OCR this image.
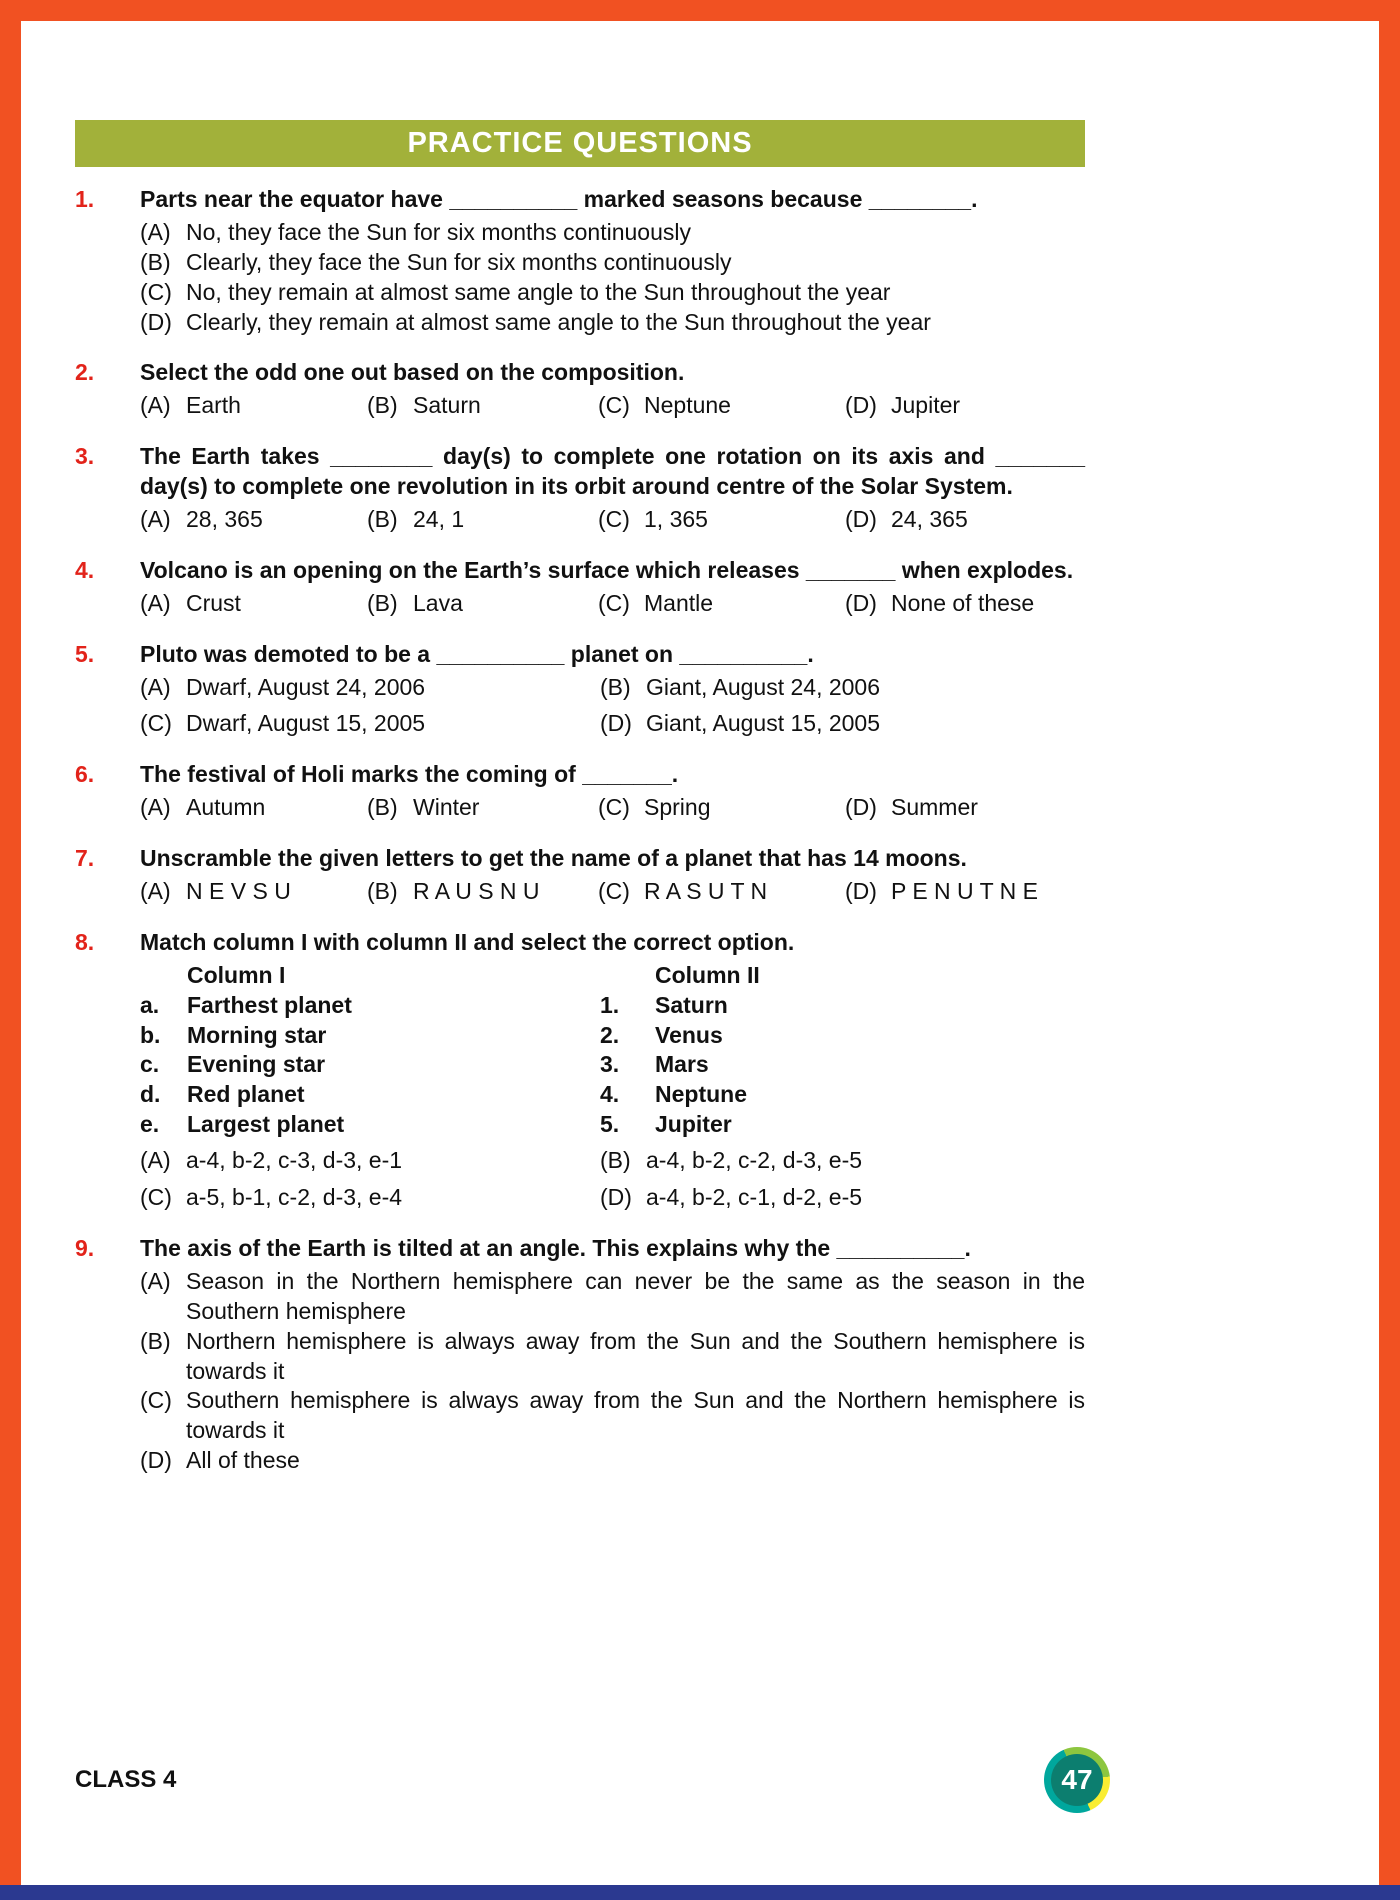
PRACTICE QUESTIONS
1.	Parts near the equator have __________ marked seasons because ________.

(A) No, they face the Sun for six months continuously
(B) Clearly, they face the Sun for six months continuously
(C) No, they remain at almost same angle to the Sun throughout the year
(D) Clearly, they remain at almost same angle to the Sun throughout the year
2.	Select the odd one out based on the composition.

(A) Earth	(B) Saturn	(C) Neptune	(D) Jupiter
3.	The Earth takes ________ day(s) to complete one rotation on its axis and _______ day(s) to complete one revolution in its orbit around centre of the Solar System.

(A) 28, 365	(B) 24, 1	(C) 1, 365	(D) 24, 365
4.	Volcano is an opening on the Earth’s surface which releases _______ when explodes.

(A) Crust	(B) Lava	(C) Mantle	(D) None of these
5.	Pluto was demoted to be a __________ planet on __________.

(A) Dwarf, August 24, 2006	(B) Giant, August 24, 2006
(C) Dwarf, August 15, 2005	(D) Giant, August 15, 2005
6.	The festival of Holi marks the coming of _______.

(A) Autumn	(B) Winter	(C) Spring	(D) Summer
7.	Unscramble the given letters to get the name of a planet that has 14 moons.

(A) N E V S U	(B) R A U S N U	(C) R A S U T N	(D) P E N U T N E
8.	Match column I with column II and select the correct option.

Column I	Column II
a.	Farthest planet	1.	Saturn
b.	Morning star	2.	Venus
c.	Evening star	3.	Mars
d.	Red planet	4.	Neptune
e.	Largest planet	5.	Jupiter
(A) a-4, b-2, c-3, d-3, e-1	(B) a-4, b-2, c-2, d-3, e-5
(C) a-5, b-1, c-2, d-3, e-4	(D) a-4, b-2, c-1, d-2, e-5
9.	The axis of the Earth is tilted at an angle. This explains why the __________.

(A) Season in the Northern hemisphere can never be the same as the season in the Southern hemisphere
(B) Northern hemisphere is always away from the Sun and the Southern hemisphere is towards it
(C) Southern hemisphere is always away from the Sun and the Northern hemisphere is towards it
(D) All of these
CLASS 4	47
